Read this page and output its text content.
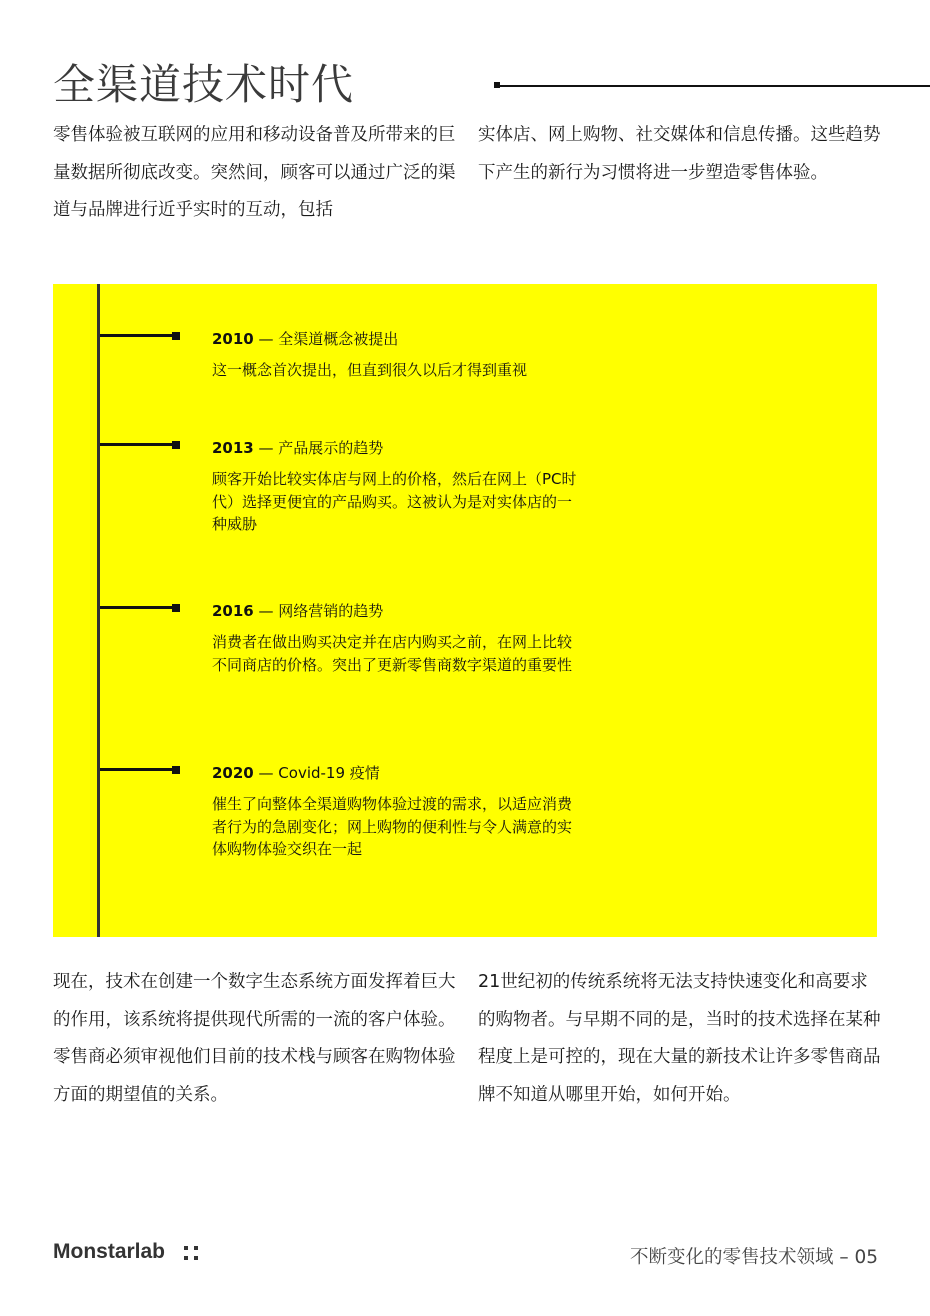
全渠道技术时代

零售体验被互联网的应用和移动设备普及所带来的巨量数据所彻底改变。突然间，顾客可以通过广泛的渠道与品牌进行近乎实时的互动，包括

实体店、网上购物、社交媒体和信息传播。这些趋势下产生的新行为习惯将进一步塑造零售体验。

2010 — 全渠道概念被提出

这一概念首次提出，但直到很久以后才得到重视

2013 — 产品展示的趋势

顾客开始比较实体店与网上的价格，然后在网上（PC时代）选择更便宜的产品购买。这被认为是对实体店的一种威胁

2016 — 网络营销的趋势

消费者在做出购买决定并在店内购买之前，在网上比较不同商店的价格。突出了更新零售商数字渠道的重要性

2020 — Covid-19 疫情

催生了向整体全渠道购物体验过渡的需求，以适应消费者行为的急剧变化；网上购物的便利性与令人满意的实体购物体验交织在一起

现在，技术在创建一个数字生态系统方面发挥着巨大的作用，该系统将提供现代所需的一流的客户体验。零售商必须审视他们目前的技术栈与顾客在购物体验方面的期望值的关系。

21世纪初的传统系统将无法支持快速变化和高要求的购物者。与早期不同的是，当时的技术选择在某种程度上是可控的，现在大量的新技术让许多零售商品牌不知道从哪里开始，如何开始。

Monstarlab	不断变化的零售技术领域 – 05
